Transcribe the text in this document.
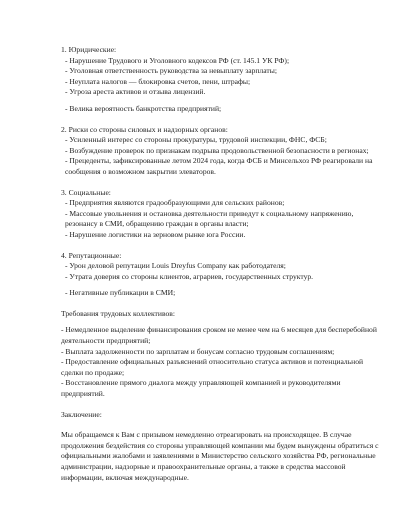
1. Юридические:
- Нарушение Трудового и Уголовного кодексов РФ (ст. 145.1 УК РФ);
- Уголовная ответственность руководства за невыплату зарплаты;
- Неуплата налогов — блокировка счетов, пени, штрафы;
- Угроза ареста активов и отзыва лицензий.
- Велика вероятность банкротства предприятий;
2. Риски со стороны силовых и надзорных органов:
- Усиленный интерес со стороны прокуратуры, трудовой инспекции, ФНС, ФСБ;
- Возбуждение проверок по признакам подрыва продовольственной безопасности в регионах;
- Прецеденты, зафиксированные летом 2024 года, когда ФСБ и Минсельхоз РФ реагировали на сообщения о возможном закрытии элеваторов.
3. Социальные:
- Предприятия являются градообразующими для сельских районов;
- Массовые увольнения и остановка деятельности приведут к социальному напряжению, резонансу в СМИ, обращению граждан в органы власти;
- Нарушение логистики на зерновом рынке юга России.
4. Репутационные:
- Урон деловой репутации Louis Dreyfus Company как работодателя;
- Утрата доверия со стороны клиентов, аграриев, государственных структур.
- Негативные публикации в СМИ;
Требования трудовых коллективов:
- Немедленное выделение финансирования сроком не менее чем на 6 месяцев для бесперебойной деятельности предприятий;
- Выплата задолженности по зарплатам и бонусам согласно трудовым соглашениям;
- Предоставление официальных разъяснений относительно статуса активов и потенциальной сделки по продаже;
- Восстановление прямого диалога между управляющей компанией и руководителями предприятий.
Заключение:
Мы обращаемся к Вам с призывом немедленно отреагировать на происходящее. В случае продолжения бездействия со стороны управляющей компании мы будем вынуждены обратиться с официальными жалобами и заявлениями в Министерство сельского хозяйства РФ, региональные администрации, надзорные и правоохранительные органы, а также в средства массовой информации, включая международные.
